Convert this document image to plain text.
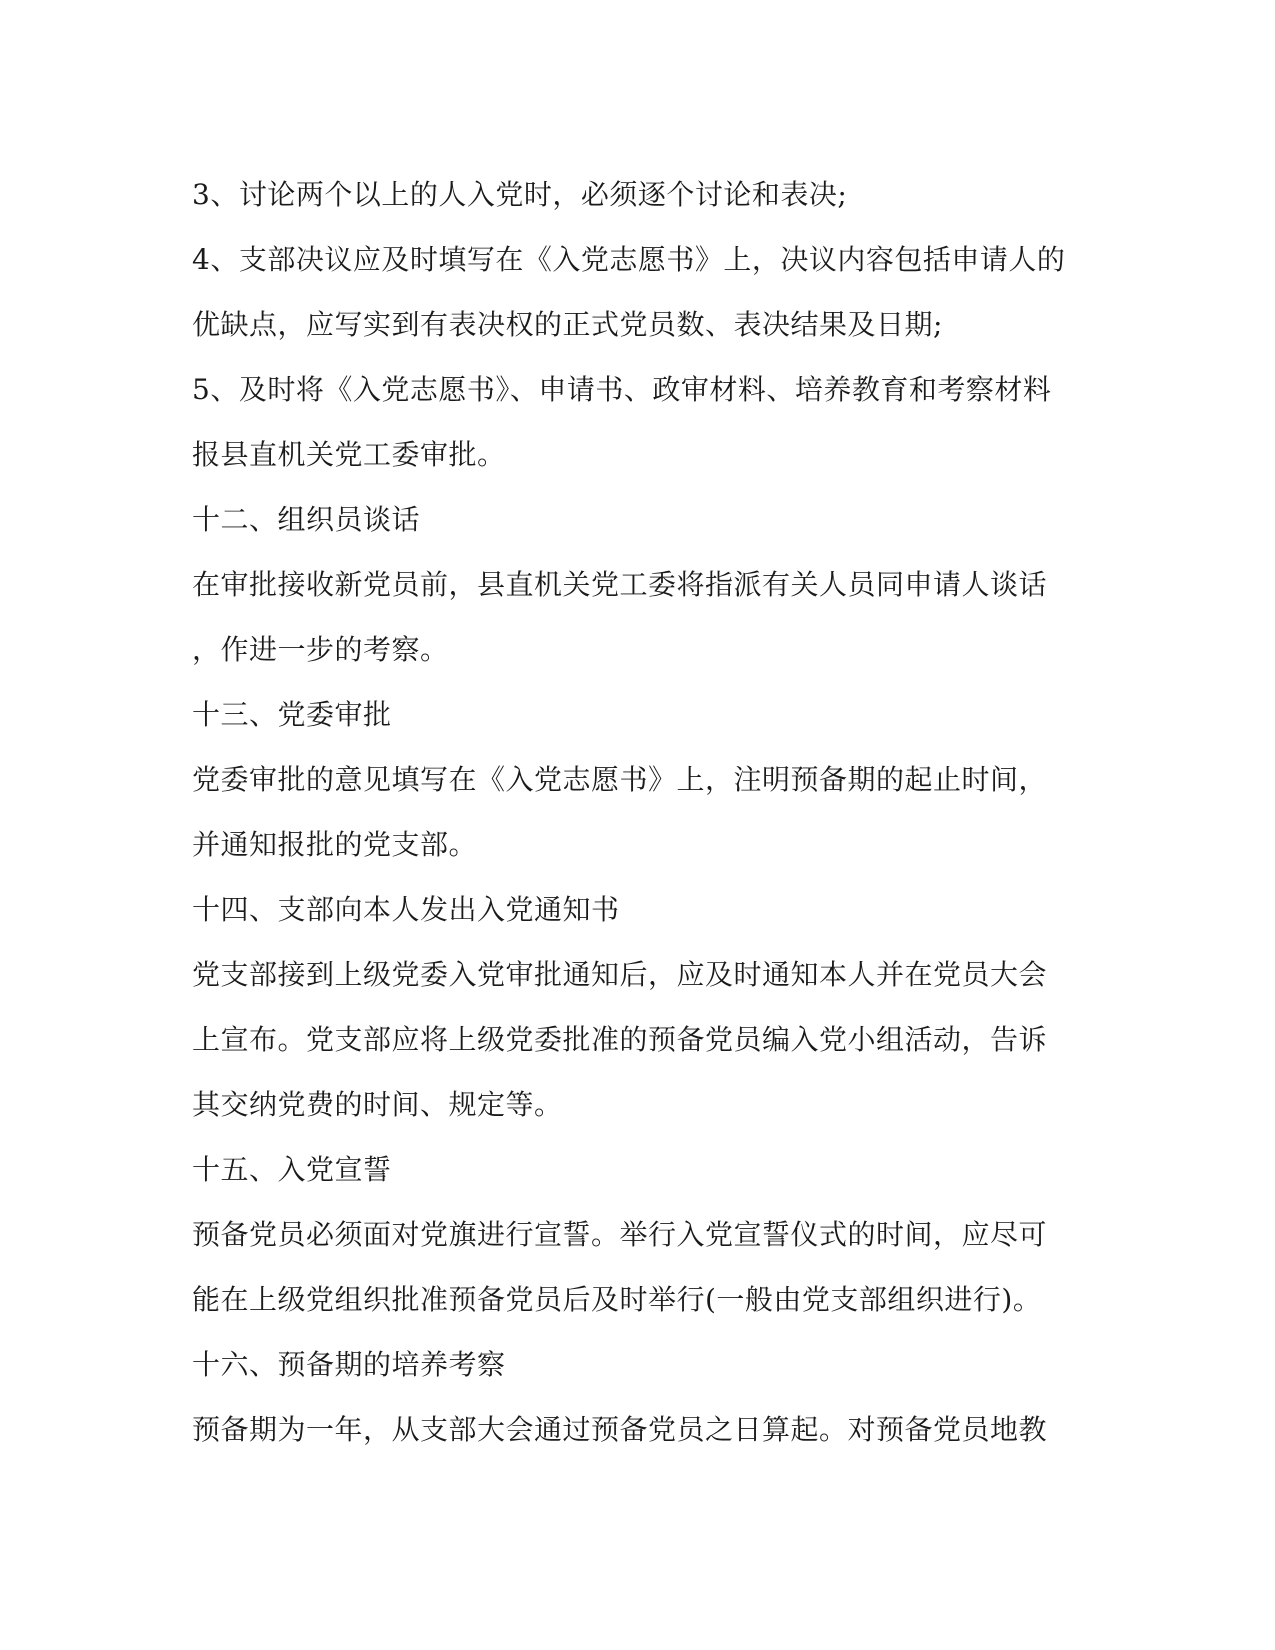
3、讨论两个以上的人入党时，必须逐个讨论和表决;
4、支部决议应及时填写在《入党志愿书》上，决议内容包括申请人的
优缺点，应写实到有表决权的正式党员数、表决结果及日期;
5、及时将《入党志愿书》、申请书、政审材料、培养教育和考察材料
报县直机关党工委审批。
十二、组织员谈话
在审批接收新党员前，县直机关党工委将指派有关人员同申请人谈话
，作进一步的考察。
十三、党委审批
党委审批的意见填写在《入党志愿书》上，注明预备期的起止时间，
并通知报批的党支部。
十四、支部向本人发出入党通知书
党支部接到上级党委入党审批通知后，应及时通知本人并在党员大会
上宣布。党支部应将上级党委批准的预备党员编入党小组活动，告诉
其交纳党费的时间、规定等。
十五、入党宣誓
预备党员必须面对党旗进行宣誓。举行入党宣誓仪式的时间，应尽可
能在上级党组织批准预备党员后及时举行(一般由党支部组织进行)。
十六、预备期的培养考察
预备期为一年，从支部大会通过预备党员之日算起。对预备党员地教
